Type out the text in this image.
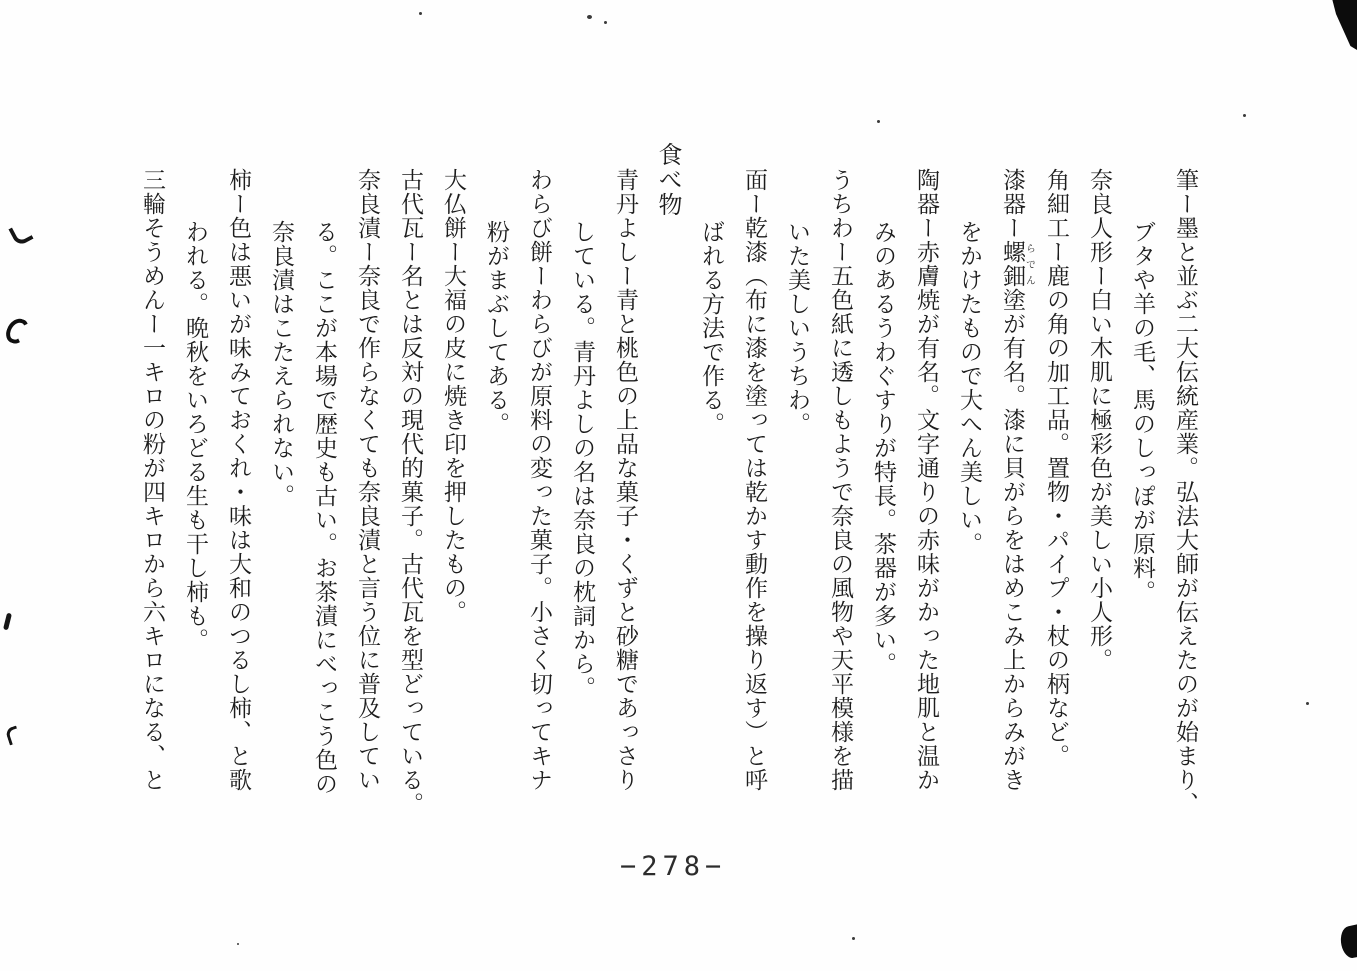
筆ー墨と並ぶ二大伝統産業。弘法大師が伝えたのが始まり、
ブタや羊の毛、馬のしっぽが原料。
奈良人形ー白い木肌に極彩色が美しい小人形。
角細工ー鹿の角の加工品。置物・パイプ・杖の柄など。
漆器ー螺鈿らでん塗が有名。漆に貝がらをはめこみ上からみがき
をかけたもので大へん美しい。
陶器ー赤膚焼が有名。文字通りの赤味がかった地肌と温か
みのあるうわぐすりが特長。茶器が多い。
うちわー五色紙に透しもようで奈良の風物や天平模様を描
いた美しいうちわ。
面ー乾漆（布に漆を塗っては乾かす動作を操り返す）と呼
ばれる方法で作る。
食べ物
青丹よしー青と桃色の上品な菓子・くずと砂糖であっさり
している。青丹よしの名は奈良の枕詞から。
わらび餅ーわらびが原料の変った菓子。小さく切ってキナ
粉がまぶしてある。
大仏餅ー大福の皮に焼き印を押したもの。
古代瓦ー名とは反対の現代的菓子。古代瓦を型どっている。
奈良漬ー奈良で作らなくても奈良漬と言う位に普及してい
る。ここが本場で歴史も古い。お茶漬にべっこう色の
奈良漬はこたえられない。
柿ー色は悪いが味みておくれ・味は大和のつるし柿、と歌
われる。晩秋をいろどる生も干し柿も。
三輪そうめんー一キロの粉が四キロから六キロになる、と
−278−
